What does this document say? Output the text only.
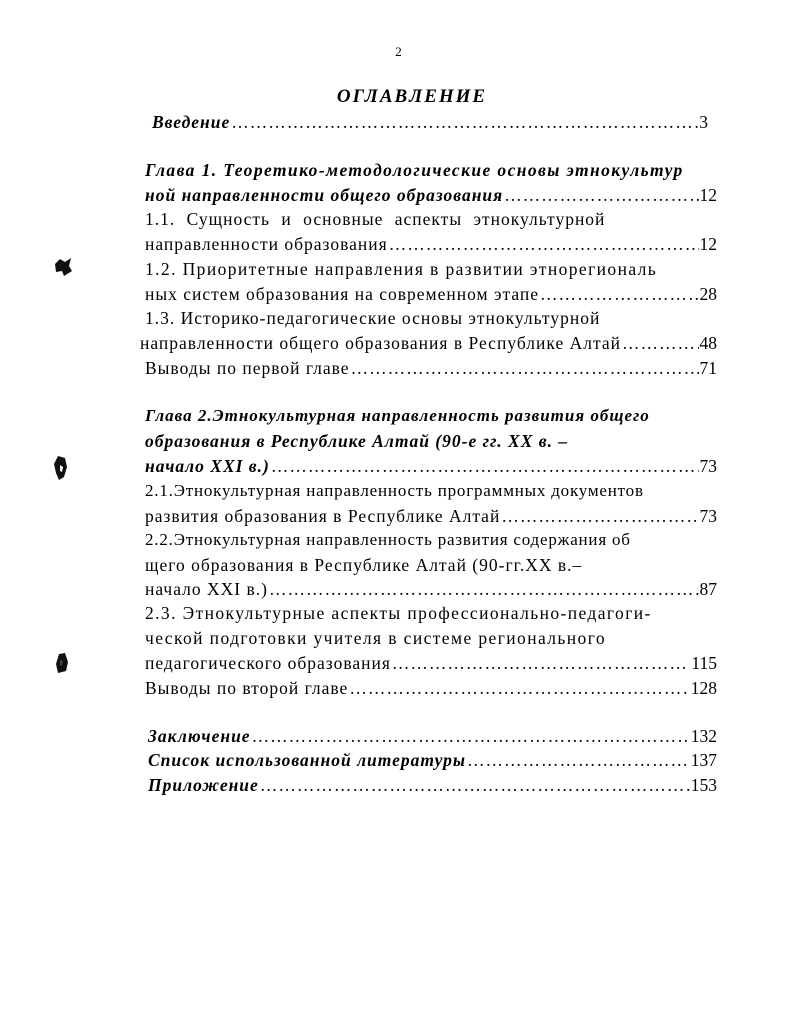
2
ОГЛАВЛЕНИЕ
Введение …………………………………………………………………………………………………………………………………………………………	3
Глава 1. Теоретико-методологические основы этнокультур
ной направленности общего образования …………………………………………………………………………………………………………………………………………………………	12
1.1. Сущность и основные аспекты этнокультурной
направленности образования …………………………………………………………………………………………………………………………………………………………	12
1.2. Приоритетные направления в развитии этнорегиональ
ных систем образования на современном этапе …………………………………………………………………………………………………………………………………………………………	28
1.3. Историко-педагогические основы этнокультурной
направленности общего образования в Республике Алтай …………………………………………………………………………………………………………………………………………………………	48
Выводы по первой главе …………………………………………………………………………………………………………………………………………………………	71
Глава 2.Этнокультурная направленность развития общего
образования в Республике Алтай (90-е гг. XX в. –
начало XXI в.) …………………………………………………………………………………………………………………………………………………………	73
2.1.Этнокультурная направленность программных документов
развития образования в Республике Алтай …………………………………………………………………………………………………………………………………………………………	73
2.2.Этнокультурная направленность развития содержания об
щего образования в Республике Алтай (90-гг.XX в.–
начало XXI в.) …………………………………………………………………………………………………………………………………………………………	87
2.3. Этнокультурные аспекты профессионально-педагоги-
ческой подготовки учителя в системе регионального
педагогического образования …………………………………………………………………………………………………………………………………………………………	115
Выводы по второй главе …………………………………………………………………………………………………………………………………………………………	128
Заключение …………………………………………………………………………………………………………………………………………………………	132
Список использованной литературы …………………………………………………………………………………………………………………………………………………………	137
Приложение …………………………………………………………………………………………………………………………………………………………	153
